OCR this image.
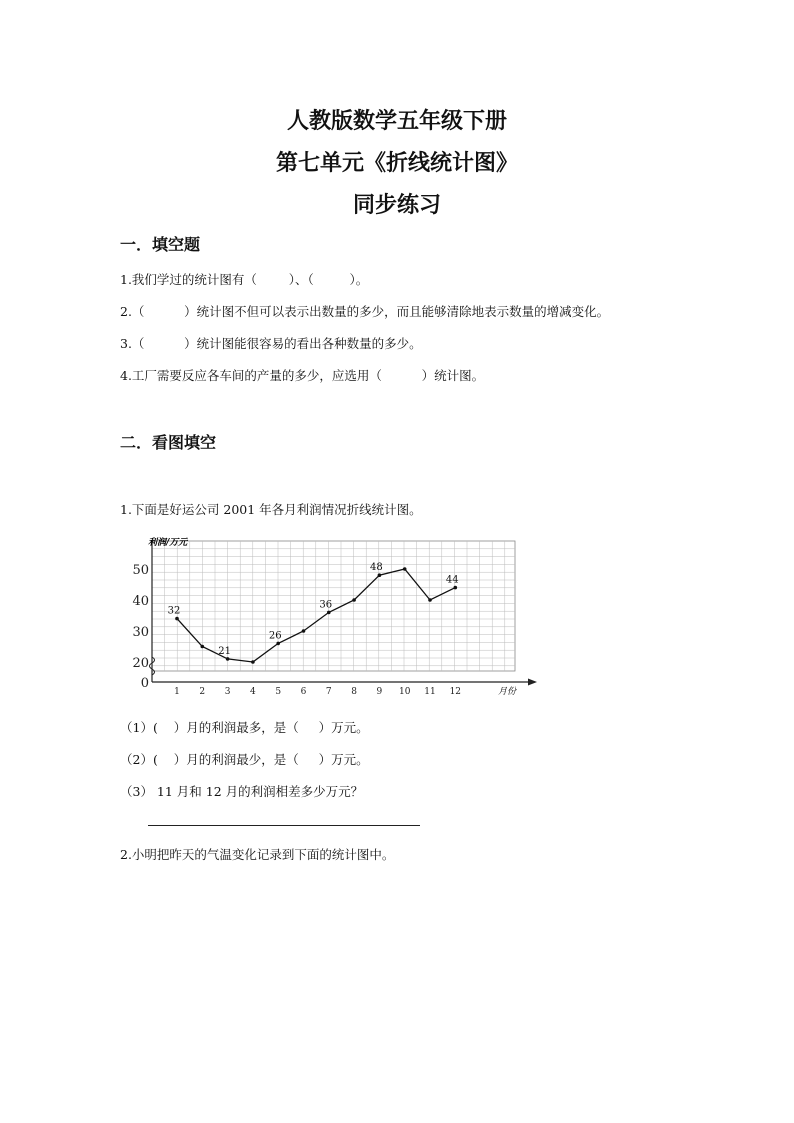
人教版数学五年级下册
第七单元《折线统计图》
同步练习
一．填空题
1.我们学过的统计图有（        ）、（         ）。
2.（          ）统计图不但可以表示出数量的多少，而且能够清除地表示数量的增减变化。
3.（          ）统计图能很容易的看出各种数量的多少。
4.工厂需要反应各车间的产量的多少，应选用（          ）统计图。
二．看图填空
1.下面是好运公司 2001 年各月利润情况折线统计图。
50
40
30
20
0
1 2 3 4 5 6 7 8 9 10 11 12
32
21
26
36
48
44
利润/万元
月份
（1）(    ）月的利润最多，是（     ）万元。
（2）(    ）月的利润最少，是（     ）万元。
（3） 11 月和 12 月的利润相差多少万元？
2.小明把昨天的气温变化记录到下面的统计图中。
